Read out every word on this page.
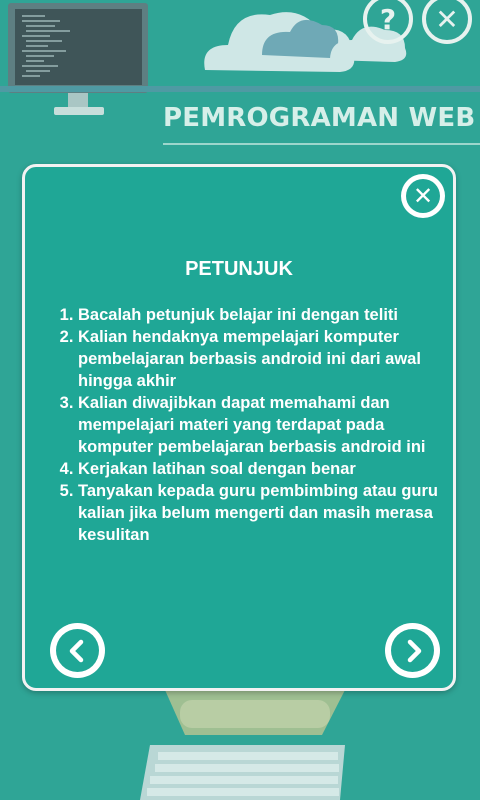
? ✕
PEMROGRAMAN WEB
✕
PETUNJUK
1. Bacalah petunjuk belajar ini dengan teliti
2. Kalian hendaknya mempelajari komputer pembelajaran berbasis android ini dari awal hingga akhir
3. Kalian diwajibkan dapat memahami dan mempelajari materi yang terdapat pada komputer pembelajaran berbasis android ini
4. Kerjakan latihan soal dengan benar
5. Tanyakan kepada guru pembimbing atau guru kalian jika belum mengerti dan masih merasa kesulitan
